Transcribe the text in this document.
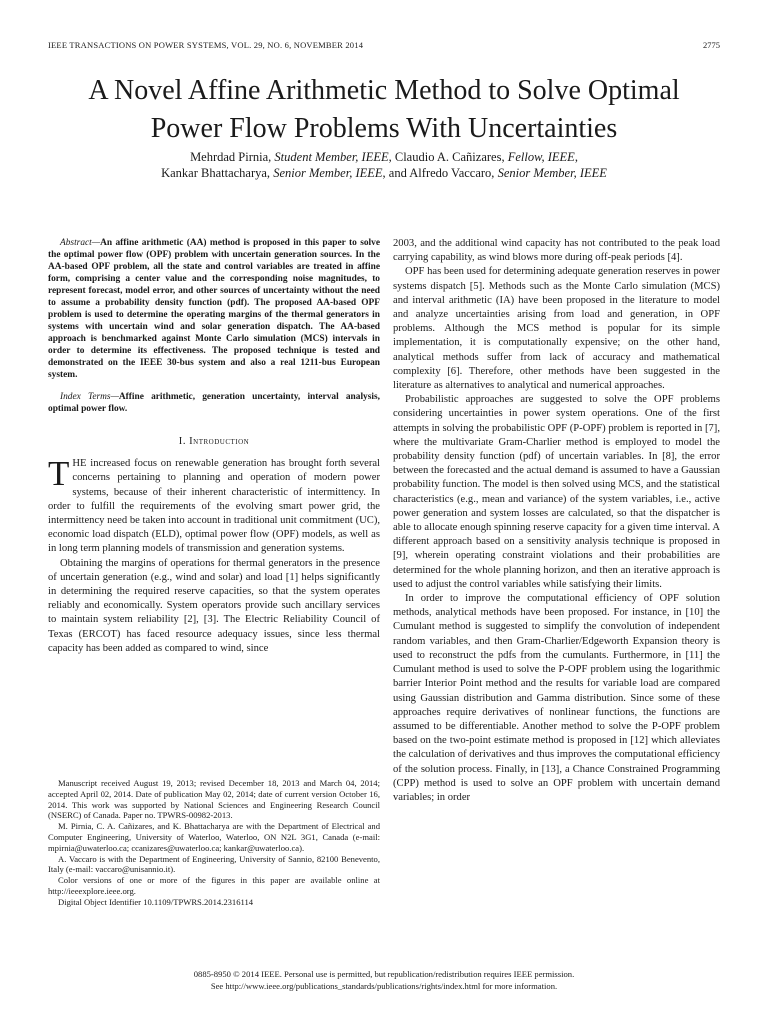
IEEE TRANSACTIONS ON POWER SYSTEMS, VOL. 29, NO. 6, NOVEMBER 2014	2775
A Novel Affine Arithmetic Method to Solve Optimal
Power Flow Problems With Uncertainties
Mehrdad Pirnia, Student Member, IEEE, Claudio A. Cañizares, Fellow, IEEE,
Kankar Bhattacharya, Senior Member, IEEE, and Alfredo Vaccaro, Senior Member, IEEE

Abstract—An affine arithmetic (AA) method is proposed in this paper to solve the optimal power flow (OPF) problem with uncertain generation sources. In the AA-based OPF problem, all the state and control variables are treated in affine form, comprising a center value and the corresponding noise magnitudes, to represent forecast, model error, and other sources of uncertainty without the need to assume a probability density function (pdf). The proposed AA-based OPF problem is used to determine the operating margins of the thermal generators in systems with uncertain wind and solar generation dispatch. The AA-based approach is benchmarked against Monte Carlo simulation (MCS) intervals in order to determine its effectiveness. The proposed technique is tested and demonstrated on the IEEE 30-bus system and also a real 1211-bus European system.

Index Terms—Affine arithmetic, generation uncertainty, interval analysis, optimal power flow.

I. Introduction

THE increased focus on renewable generation has brought forth several concerns pertaining to planning and operation of modern power systems, because of their inherent characteristic of intermittency. In order to fulfill the requirements of the evolving smart power grid, the intermittency need be taken into account in traditional unit commitment (UC), economic load dispatch (ELD), optimal power flow (OPF) models, as well as in long term planning models of transmission and generation systems.

Obtaining the margins of operations for thermal generators in the presence of uncertain generation (e.g., wind and solar) and load [1] helps significantly in determining the required reserve capacities, so that the system operates reliably and economically. System operators provide such ancillary services to maintain system reliability [2], [3]. The Electric Reliability Council of Texas (ERCOT) has faced resource adequacy issues, since less thermal capacity has been added as compared to wind, since

Manuscript received August 19, 2013; revised December 18, 2013 and March 04, 2014; accepted April 02, 2014. Date of publication May 02, 2014; date of current version October 16, 2014. This work was supported by National Sciences and Engineering Research Council (NSERC) of Canada. Paper no. TPWRS-00982-2013.

M. Pirnia, C. A. Cañizares, and K. Bhattacharya are with the Department of Electrical and Computer Engineering, University of Waterloo, Waterloo, ON N2L 3G1, Canada (e-mail: mpirnia@uwaterloo.ca; ccanizares@uwaterloo.ca; kankar@uwaterloo.ca).

A. Vaccaro is with the Department of Engineering, University of Sannio, 82100 Benevento, Italy (e-mail: vaccaro@unisannio.it).

Color versions of one or more of the figures in this paper are available online at http://ieeexplore.ieee.org.

Digital Object Identifier 10.1109/TPWRS.2014.2316114

2003, and the additional wind capacity has not contributed to the peak load carrying capability, as wind blows more during off-peak periods [4].

OPF has been used for determining adequate generation reserves in power systems dispatch [5]. Methods such as the Monte Carlo simulation (MCS) and interval arithmetic (IA) have been proposed in the literature to model and analyze uncertainties arising from load and generation, in OPF problems. Although the MCS method is popular for its simple implementation, it is computationally expensive; on the other hand, analytical methods suffer from lack of accuracy and mathematical complexity [6]. Therefore, other methods have been suggested in the literature as alternatives to analytical and numerical approaches.

Probabilistic approaches are suggested to solve the OPF problems considering uncertainties in power system operations. One of the first attempts in solving the probabilistic OPF (P-OPF) problem is reported in [7], where the multivariate Gram-Charlier method is employed to model the probability density function (pdf) of uncertain variables. In [8], the error between the forecasted and the actual demand is assumed to have a Gaussian probability function. The model is then solved using MCS, and the statistical characteristics (e.g., mean and variance) of the system variables, i.e., active power generation and system losses are calculated, so that the dispatcher is able to allocate enough spinning reserve capacity for a given time interval. A different approach based on a sensitivity analysis technique is proposed in [9], wherein operating constraint violations and their probabilities are determined for the whole planning horizon, and then an iterative approach is used to adjust the control variables while satisfying their limits.

In order to improve the computational efficiency of OPF solution methods, analytical methods have been proposed. For instance, in [10] the Cumulant method is suggested to simplify the convolution of independent random variables, and then Gram-Charlier/Edgeworth Expansion theory is used to reconstruct the pdfs from the cumulants. Furthermore, in [11] the Cumulant method is used to solve the P-OPF problem using the logarithmic barrier Interior Point method and the results for variable load are compared using Gaussian distribution and Gamma distribution. Since some of these approaches require derivatives of nonlinear functions, the functions are assumed to be differentiable. Another method to solve the P-OPF problem based on the two-point estimate method is proposed in [12] which alleviates the calculation of derivatives and thus improves the computational efficiency of the solution process. Finally, in [13], a Chance Constrained Programming (CPP) method is used to solve an OPF problem with uncertain demand variables; in order

0885-8950 © 2014 IEEE. Personal use is permitted, but republication/redistribution requires IEEE permission.
See http://www.ieee.org/publications_standards/publications/rights/index.html for more information.
